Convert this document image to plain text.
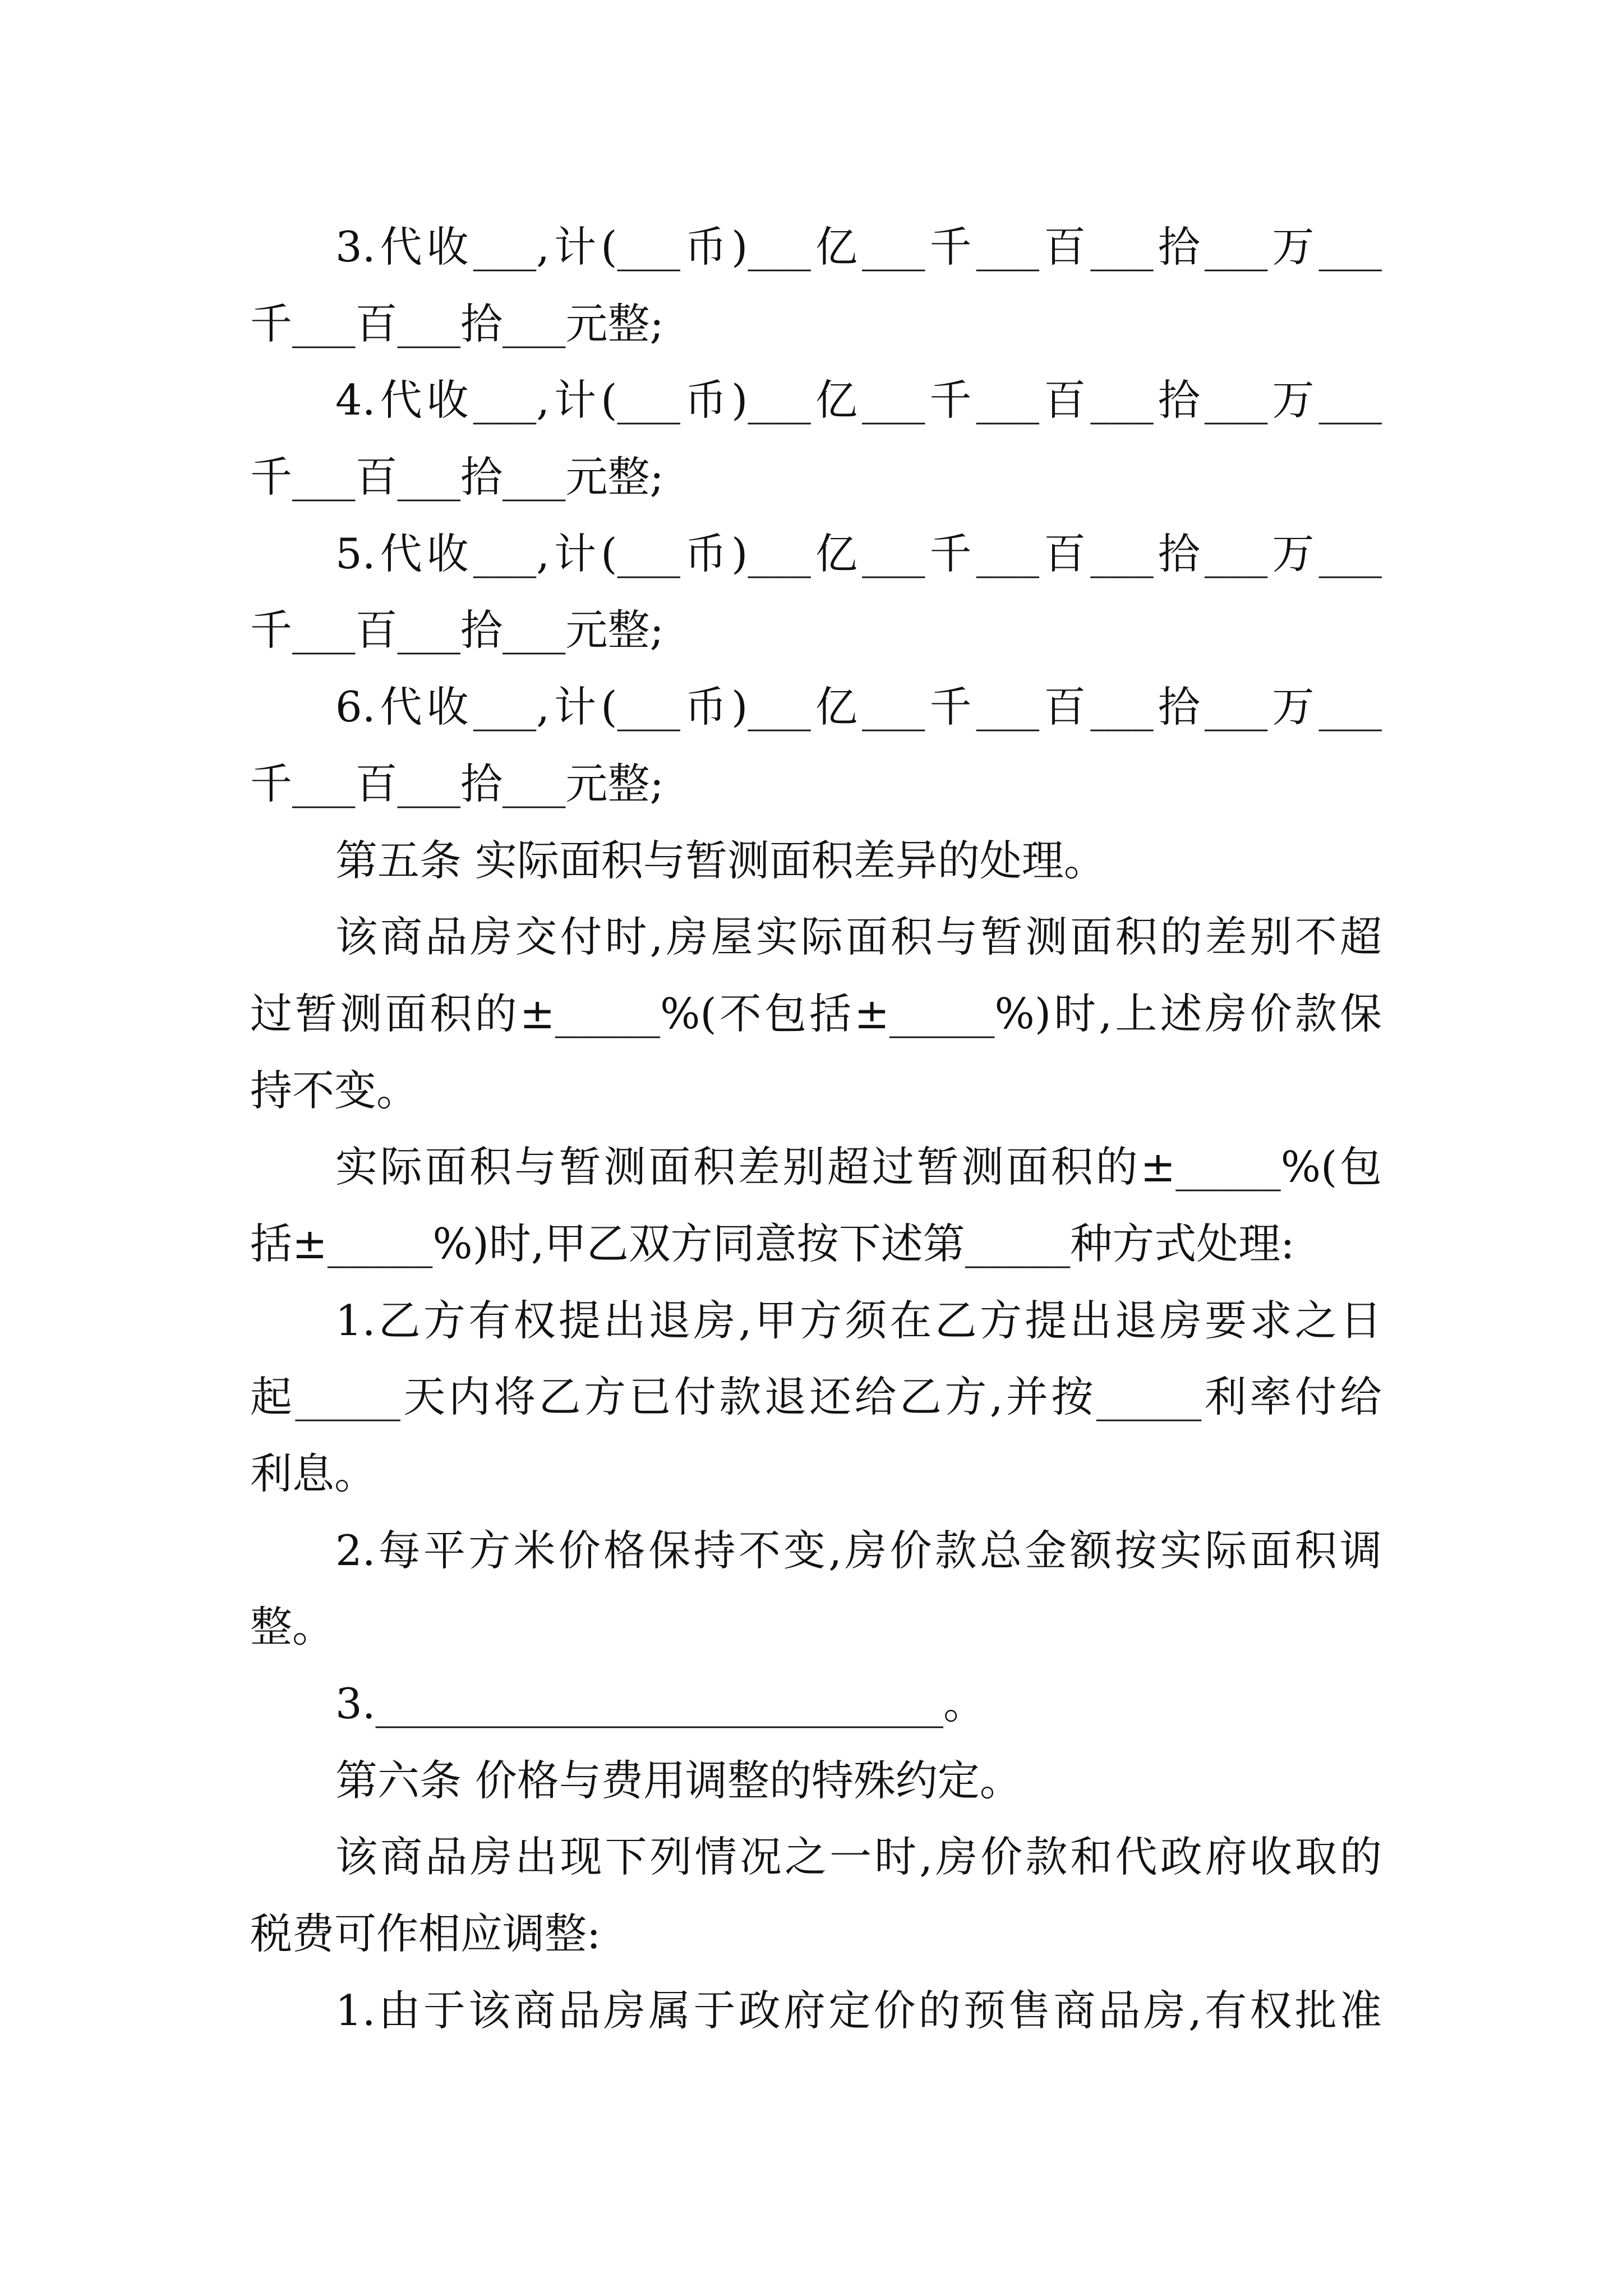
3.代收___,计(___币)___亿___千___百___拾___万___
千___百___拾___元整;
4.代收___,计(___币)___亿___千___百___拾___万___
千___百___拾___元整;
5.代收___,计(___币)___亿___千___百___拾___万___
千___百___拾___元整;
6.代收___,计(___币)___亿___千___百___拾___万___
千___百___拾___元整;
第五条 实际面积与暂测面积差异的处理。
该商品房交付时,房屋实际面积与暂测面积的差别不超
过暂测面积的±_____%(不包括±_____%)时,上述房价款保
持不变。
实际面积与暂测面积差别超过暂测面积的±_____%(包
括±_____%)时,甲乙双方同意按下述第_____种方式处理:
1.乙方有权提出退房,甲方须在乙方提出退房要求之日
起_____天内将乙方已付款退还给乙方,并按_____利率付给
利息。
2.每平方米价格保持不变,房价款总金额按实际面积调
整。
3.___________________________。
第六条 价格与费用调整的特殊约定。
该商品房出现下列情况之一时,房价款和代政府收取的
税费可作相应调整:
1.由于该商品房属于政府定价的预售商品房,有权批准
